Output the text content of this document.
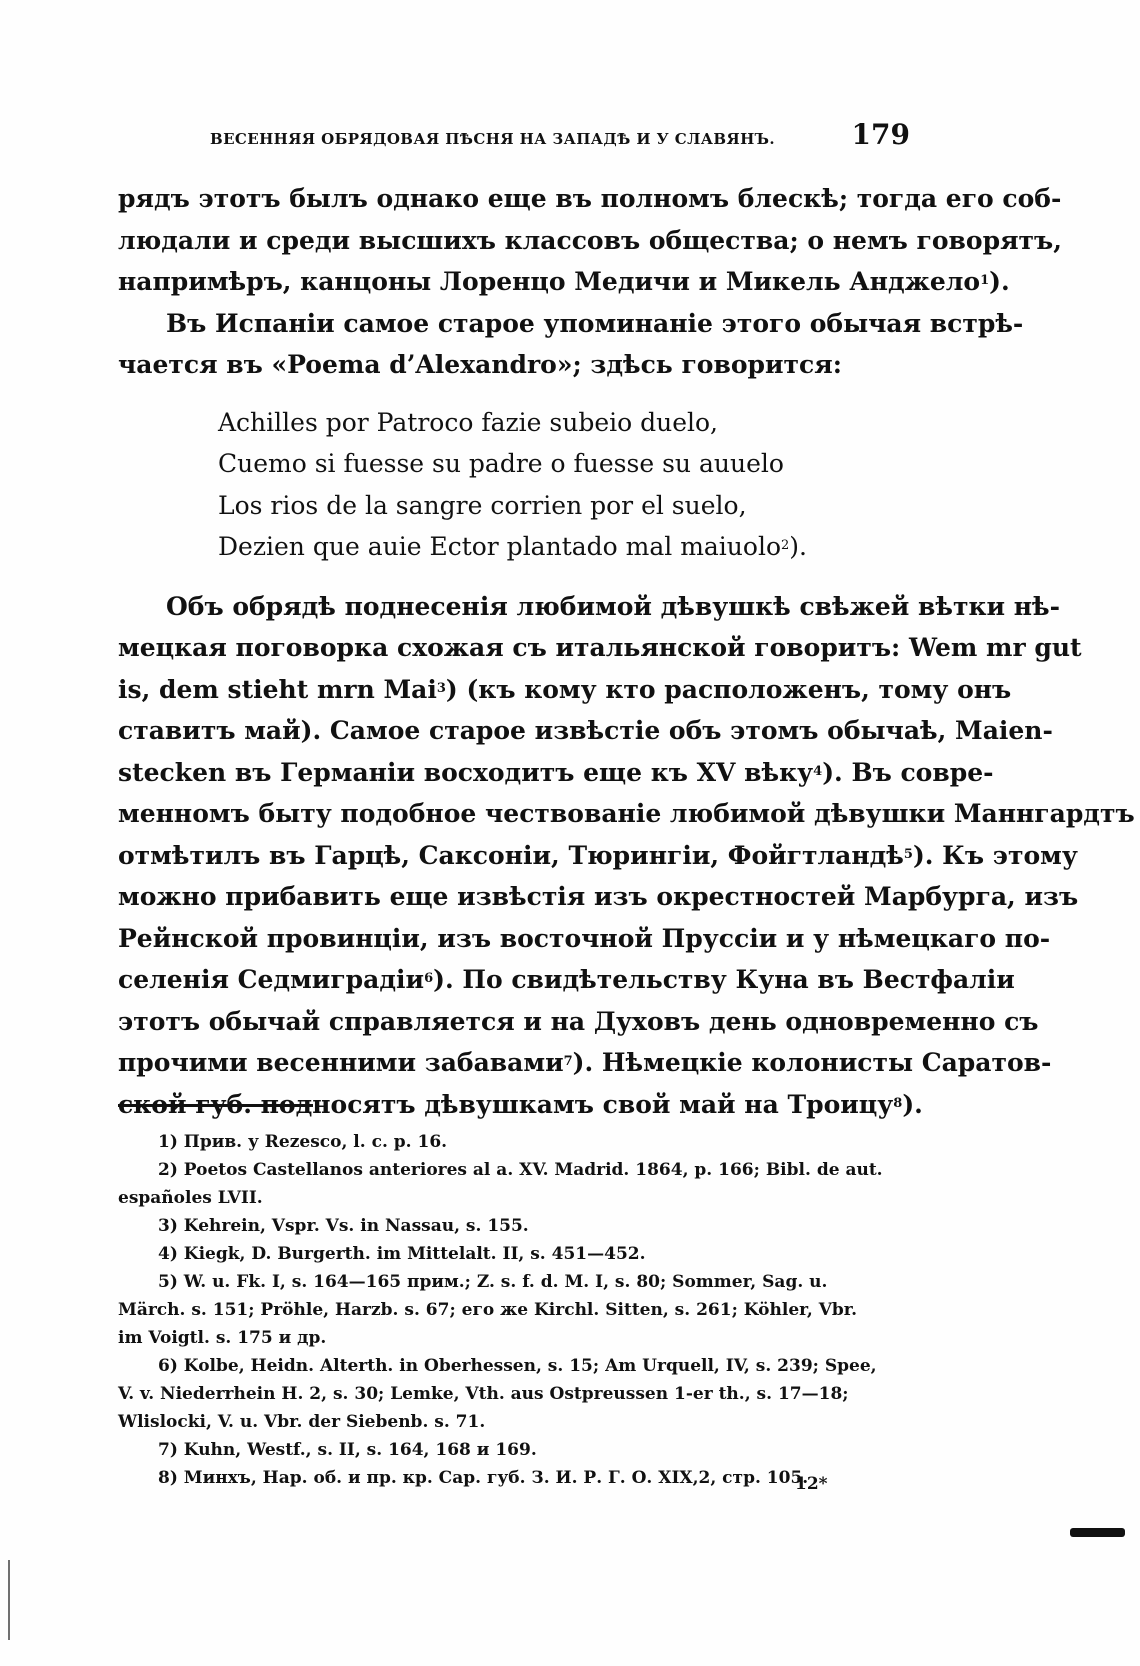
ВЕСЕННЯЯ ОБРЯДОВАЯ ПѢСНЯ НА ЗАПАДѢ И У СЛАВЯНЪ.	179

рядъ этотъ былъ однако еще въ полномъ блескѣ; тогда его соб-
людали и среди высшихъ классовъ общества; о немъ говорятъ,
напримѣръ, канцоны Лоренцо Медичи и Микель Анджело$^1$).

Въ Испаніи самое старое упоминаніе этого обычая встрѣ-
чается въ «Poema d’Alexandro»; здѣсь говорится:

Achilles por Patroco fazie subeio duelo,
Cuemo si fuesse su padre o fuesse su auuelo
Los rios de la sangre corrien por el suelo,
Dezien que auie Ector plantado mal maiuolo$^2$).

Объ обрядѣ поднесенія любимой дѣвушкѣ свѣжей вѣтки нѣ-
мецкая поговорка схожая съ итальянской говоритъ: Wem mr gut
is, dem stieht mrn Mai$^3$) (къ кому кто расположенъ, тому онъ
ставитъ май). Самое старое извѣстіе объ этомъ обычаѣ, Maien-
stecken въ Германіи восходитъ еще къ XV вѣку$^4$). Въ совре-
менномъ быту подобное чествованіе любимой дѣвушки Маннгардтъ
отмѣтилъ въ Гарцѣ, Саксоніи, Тюрингіи, Фойгтландѣ$^5$). Къ этому
можно прибавить еще извѣстія изъ окрестностей Марбурга, изъ
Рейнской провинціи, изъ восточной Пруссіи и у нѣмецкаго по-
селенія Седмиградіи$^6$). По свидѣтельству Куна въ Вестфаліи
этотъ обычай справляется и на Духовъ день одновременно съ
прочими весенними забавами$^7$). Нѣмецкіе колонисты Саратов-
ской губ. подносятъ дѣвушкамъ свой май на Троицу$^8$).

1) Прив. у Rezesco, l. c. p. 16.
2) Poetos Castellanos anteriores al a. XV. Madrid. 1864, p. 166; Bibl. de aut.
españoles LVII.
3) Kehrein, Vspr. Vs. in Nassau, s. 155.
4) Kiegk, D. Burgerth. im Mittelalt. II, s. 451—452.
5) W. u. Fk. I, s. 164—165 прим.; Z. s. f. d. M. I, s. 80; Sommer, Sag. u.
Märch. s. 151; Pröhle, Harzb. s. 67; его же Kirchl. Sitten, s. 261; Köhler, Vbr.
im Voigtl. s. 175 и др.
6) Kolbe, Heidn. Alterth. in Oberhessen, s. 15; Am Urquell, IV, s. 239; Spee,
V. v. Niederrhein H. 2, s. 30; Lemke, Vth. aus Ostpreussen 1-er th., s. 17—18;
Wlislocki, V. u. Vbr. der Siebenb. s. 71.
7) Kuhn, Westf., s. II, s. 164, 168 и 169.
8) Минхъ, Нар. об. и пр. кр. Сар. губ. З. И. Р. Г. О. XIX,2, стр. 105.
12*
